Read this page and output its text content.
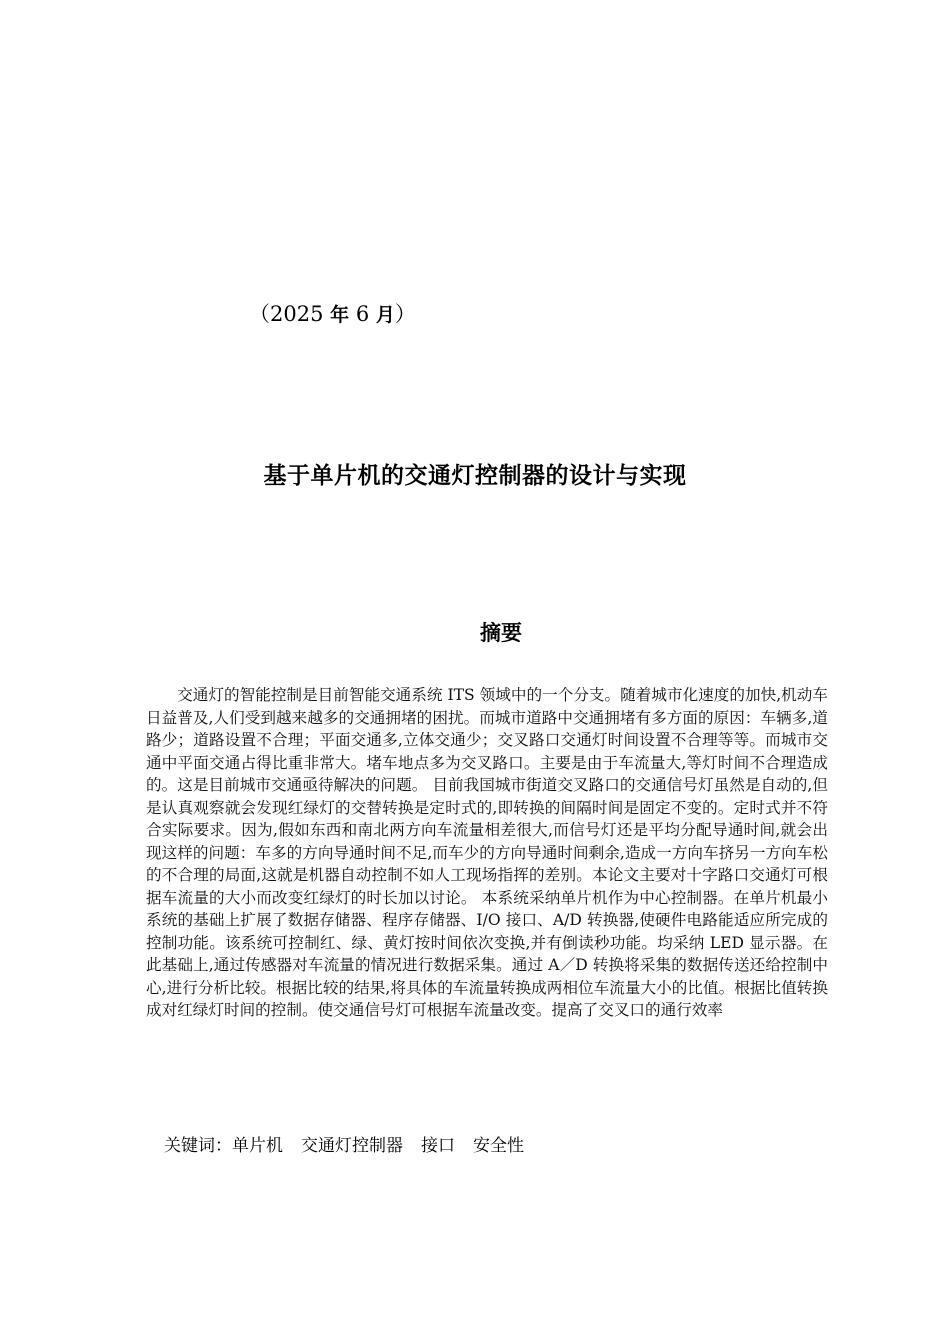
（2025 年 6 月）
基于单片机的交通灯控制器的设计与实现
摘要
交通灯的智能控制是目前智能交通系统 ITS 领域中的一个分支。随着城市化速度的加快,机动车日益普及,人们受到越来越多的交通拥堵的困扰。而城市道路中交通拥堵有多方面的原因：车辆多,道路少；道路设置不合理；平面交通多,立体交通少；交叉路口交通灯时间设置不合理等等。而城市交通中平面交通占得比重非常大。堵车地点多为交叉路口。主要是由于车流量大,等灯时间不合理造成的。这是目前城市交通亟待解决的问题。 目前我国城市街道交叉路口的交通信号灯虽然是自动的,但是认真观察就会发现红绿灯的交替转换是定时式的,即转换的间隔时间是固定不变的。定时式并不符合实际要求。因为,假如东西和南北两方向车流量相差很大,而信号灯还是平均分配导通时间,就会出现这样的问题：车多的方向导通时间不足,而车少的方向导通时间剩余,造成一方向车挤另一方向车松的不合理的局面,这就是机器自动控制不如人工现场指挥的差别。本论文主要对十字路口交通灯可根据车流量的大小而改变红绿灯的时长加以讨论。 本系统采纳单片机作为中心控制器。在单片机最小系统的基础上扩展了数据存储器、程序存储器、I/O 接口、A/D 转换器,使硬件电路能适应所完成的控制功能。该系统可控制红、绿、黄灯按时间依次变换,并有倒读秒功能。均采纳 LED 显示器。在此基础上,通过传感器对车流量的情况进行数据采集。通过 A／D 转换将采集的数据传送还给控制中心,进行分析比较。根据比较的结果,将具体的车流量转换成两相位车流量大小的比值。根据比值转换成对红绿灯时间的控制。使交通信号灯可根据车流量改变。提高了交叉口的通行效率
关键词：单片机 交通灯控制器 接口 安全性
